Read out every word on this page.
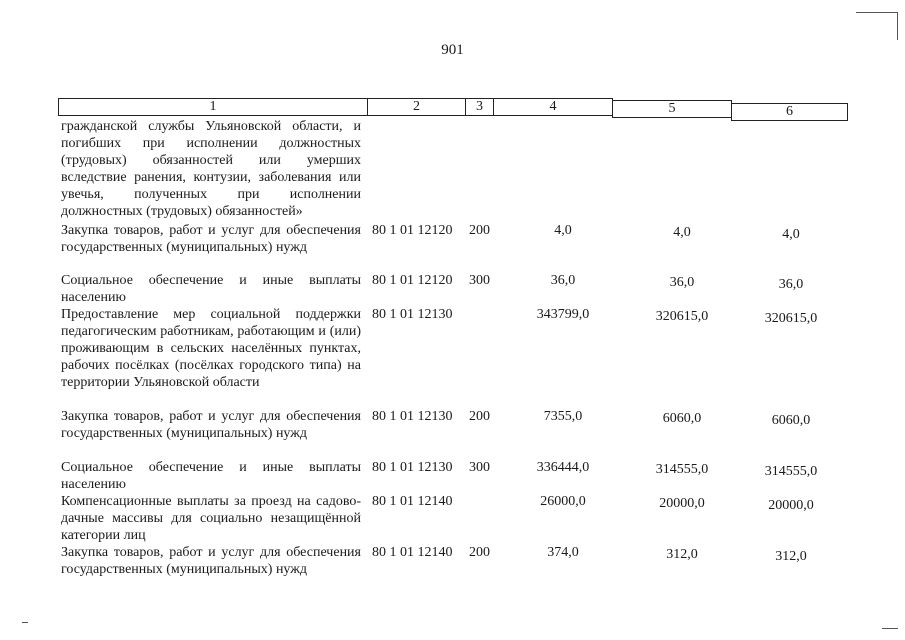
901
1	2	3	4	5	6
гражданской службы Ульяновской области, и погибших при исполнении должностных (трудовых) обязанностей или умерших вследствие ранения, контузии, заболевания или увечья, полученных при исполнении должностных (трудовых) обязанностей»
Закупка товаров, работ и услуг для обеспечения государственных (муниципальных) нужд
80 1 01 12120 200	4,0	4,0	4,0
Социальное обеспечение и иные выплаты населению
80 1 01 12120 300	36,0	36,0	36,0
Предоставление мер социальной поддержки педагогическим работникам, работающим и (или) проживающим в сельских населённых пунктах, рабочих посёлках (посёлках городского типа) на территории Ульяновской области
80 1 01 12130	343799,0	320615,0	320615,0
Закупка товаров, работ и услуг для обеспечения государственных (муниципальных) нужд
80 1 01 12130 200	7355,0	6060,0	6060,0
Социальное обеспечение и иные выплаты населению
80 1 01 12130 300	336444,0	314555,0	314555,0
Компенсационные выплаты за проезд на садово-дачные массивы для социально незащищённой категории лиц
80 1 01 12140	26000,0	20000,0	20000,0
Закупка товаров, работ и услуг для обеспечения государственных (муниципальных) нужд
80 1 01 12140 200	374,0	312,0	312,0
